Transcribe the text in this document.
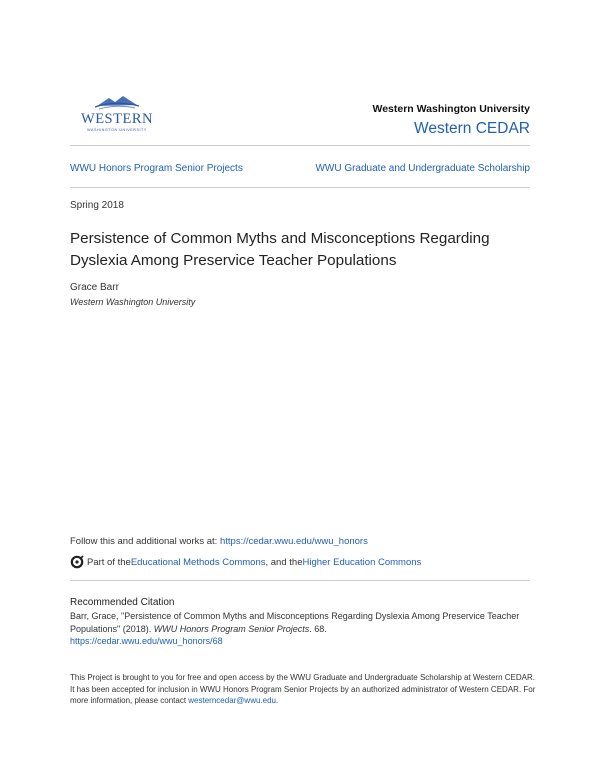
WESTERN
WASHINGTON UNIVERSITY
Western Washington University
Western CEDAR
WWU Honors Program Senior Projects	WWU Graduate and Undergraduate Scholarship
Spring 2018
Persistence of Common Myths and Misconceptions Regarding Dyslexia Among Preservice Teacher Populations
Grace Barr
Western Washington University
Follow this and additional works at: https://cedar.wwu.edu/wwu_honors
Part of the Educational Methods Commons , and the Higher Education Commons
Recommended Citation
Barr, Grace, "Persistence of Common Myths and Misconceptions Regarding Dyslexia Among Preservice Teacher Populations" (2018). WWU Honors Program Senior Projects. 68.
https://cedar.wwu.edu/wwu_honors/68
This Project is brought to you for free and open access by the WWU Graduate and Undergraduate Scholarship at Western CEDAR. It has been accepted for inclusion in WWU Honors Program Senior Projects by an authorized administrator of Western CEDAR. For more information, please contact westerncedar@wwu.edu.
